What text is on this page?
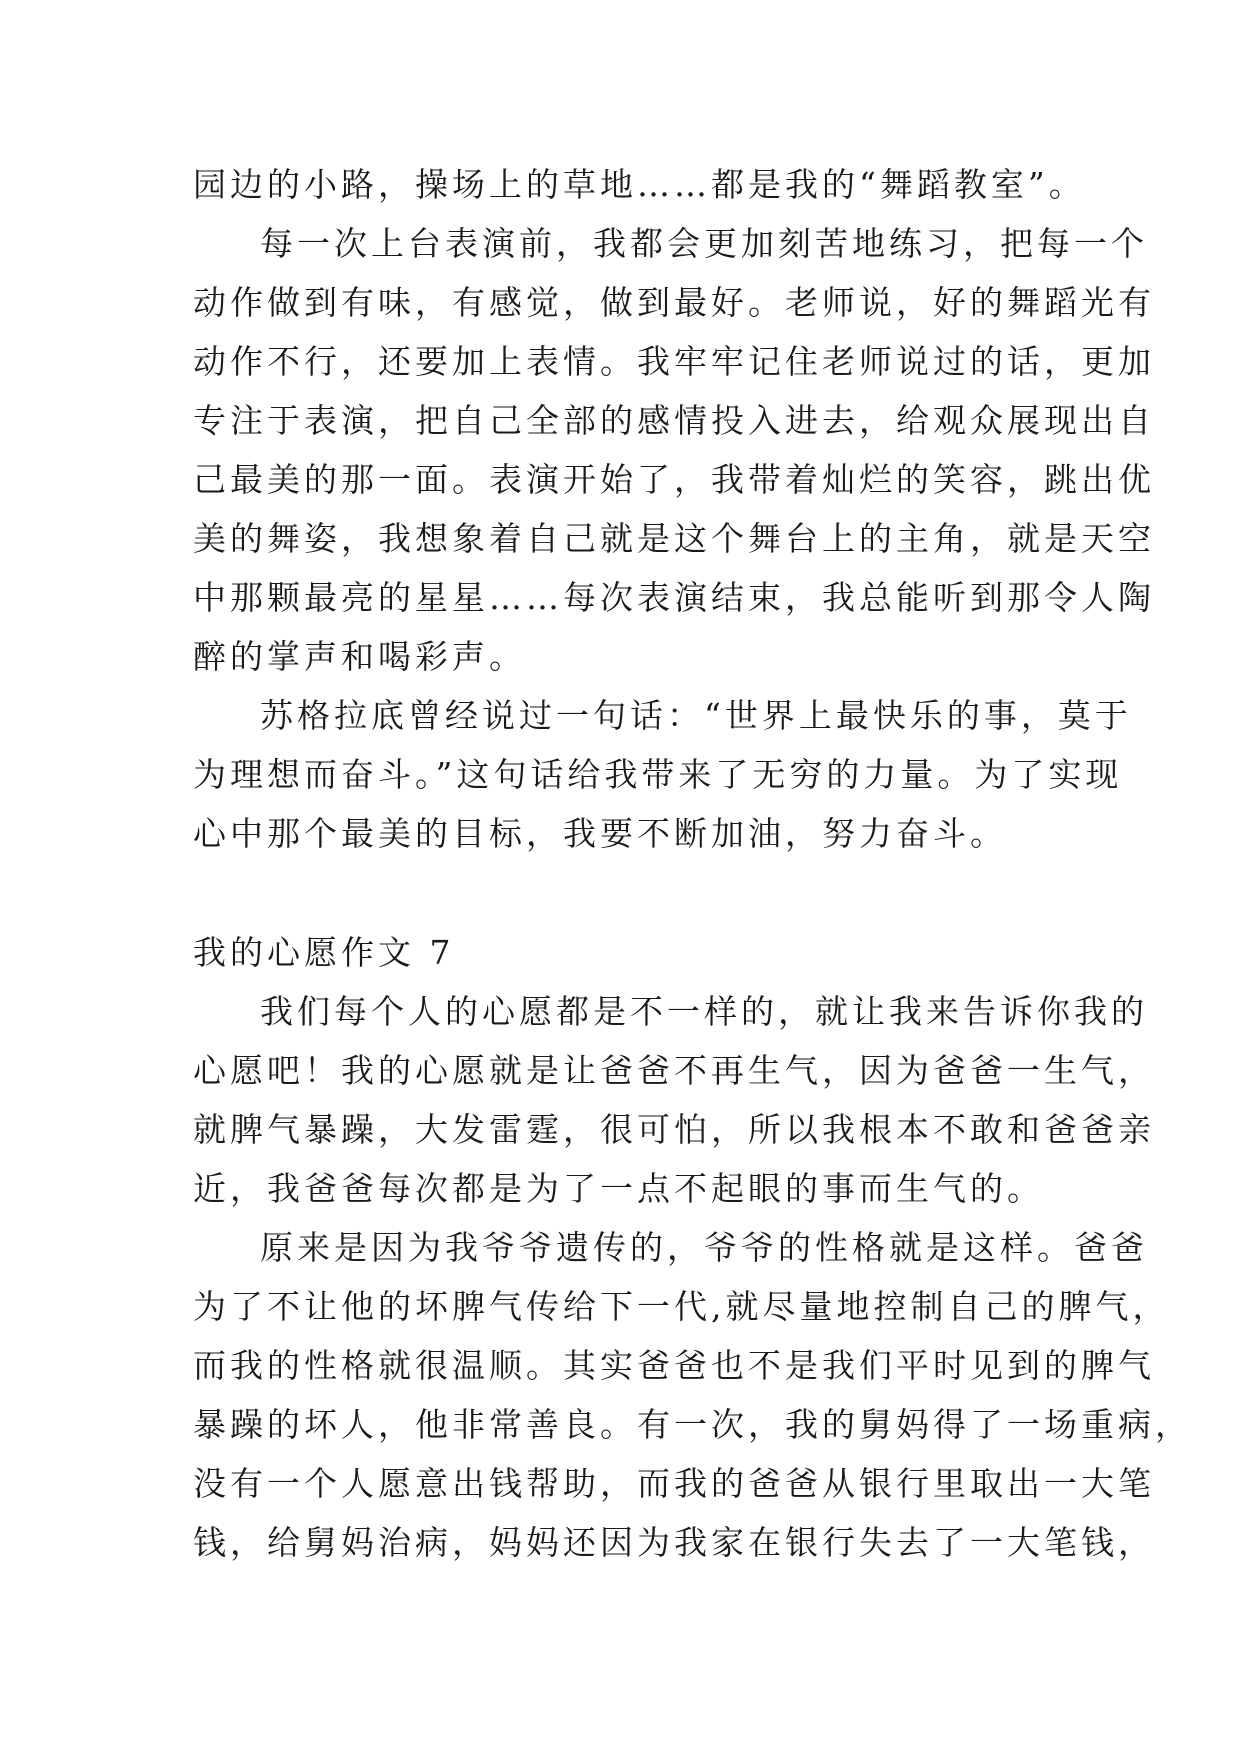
园边的小路，操场上的草地……都是我的“舞蹈教室”。
每一次上台表演前，我都会更加刻苦地练习，把每一个
动作做到有味，有感觉，做到最好。老师说，好的舞蹈光有
动作不行，还要加上表情。我牢牢记住老师说过的话，更加
专注于表演，把自己全部的感情投入进去，给观众展现出自
己最美的那一面。表演开始了，我带着灿烂的笑容，跳出优
美的舞姿，我想象着自己就是这个舞台上的主角，就是天空
中那颗最亮的星星……每次表演结束，我总能听到那令人陶
醉的掌声和喝彩声。
苏格拉底曾经说过一句话：“世界上最快乐的事，莫于
为理想而奋斗。”这句话给我带来了无穷的力量。为了实现
心中那个最美的目标，我要不断加油，努力奋斗。
我的心愿作文 7
我们每个人的心愿都是不一样的，就让我来告诉你我的
心愿吧！我的心愿就是让爸爸不再生气，因为爸爸一生气，
就脾气暴躁，大发雷霆，很可怕，所以我根本不敢和爸爸亲
近，我爸爸每次都是为了一点不起眼的事而生气的。
原来是因为我爷爷遗传的，爷爷的性格就是这样。爸爸
为了不让他的坏脾气传给下一代,就尽量地控制自己的脾气，
而我的性格就很温顺。其实爸爸也不是我们平时见到的脾气
暴躁的坏人，他非常善良。有一次，我的舅妈得了一场重病，
没有一个人愿意出钱帮助，而我的爸爸从银行里取出一大笔
钱，给舅妈治病，妈妈还因为我家在银行失去了一大笔钱，
